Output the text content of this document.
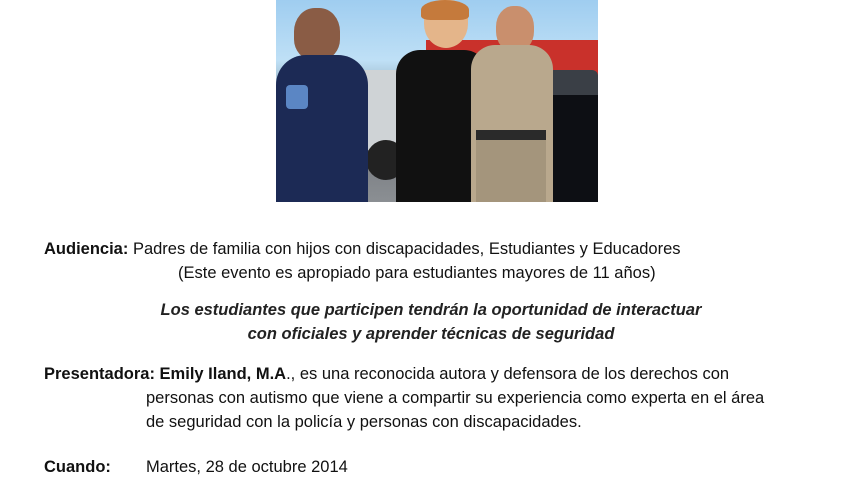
Audiencia: Padres de familia con hijos con discapacidades, Estudiantes y Educadores
(Este evento es apropiado para estudiantes mayores de 11 años)
Los estudiantes que participen tendrán la oportunidad de interactuar
con oficiales y aprender técnicas de seguridad
Presentadora: Emily Iland, M.A., es una reconocida autora y defensora de los derechos con
personas con autismo que viene a compartir su experiencia como experta en el área
de seguridad con la policía y personas con discapacidades.
Cuando: Martes, 28 de octubre 2014
